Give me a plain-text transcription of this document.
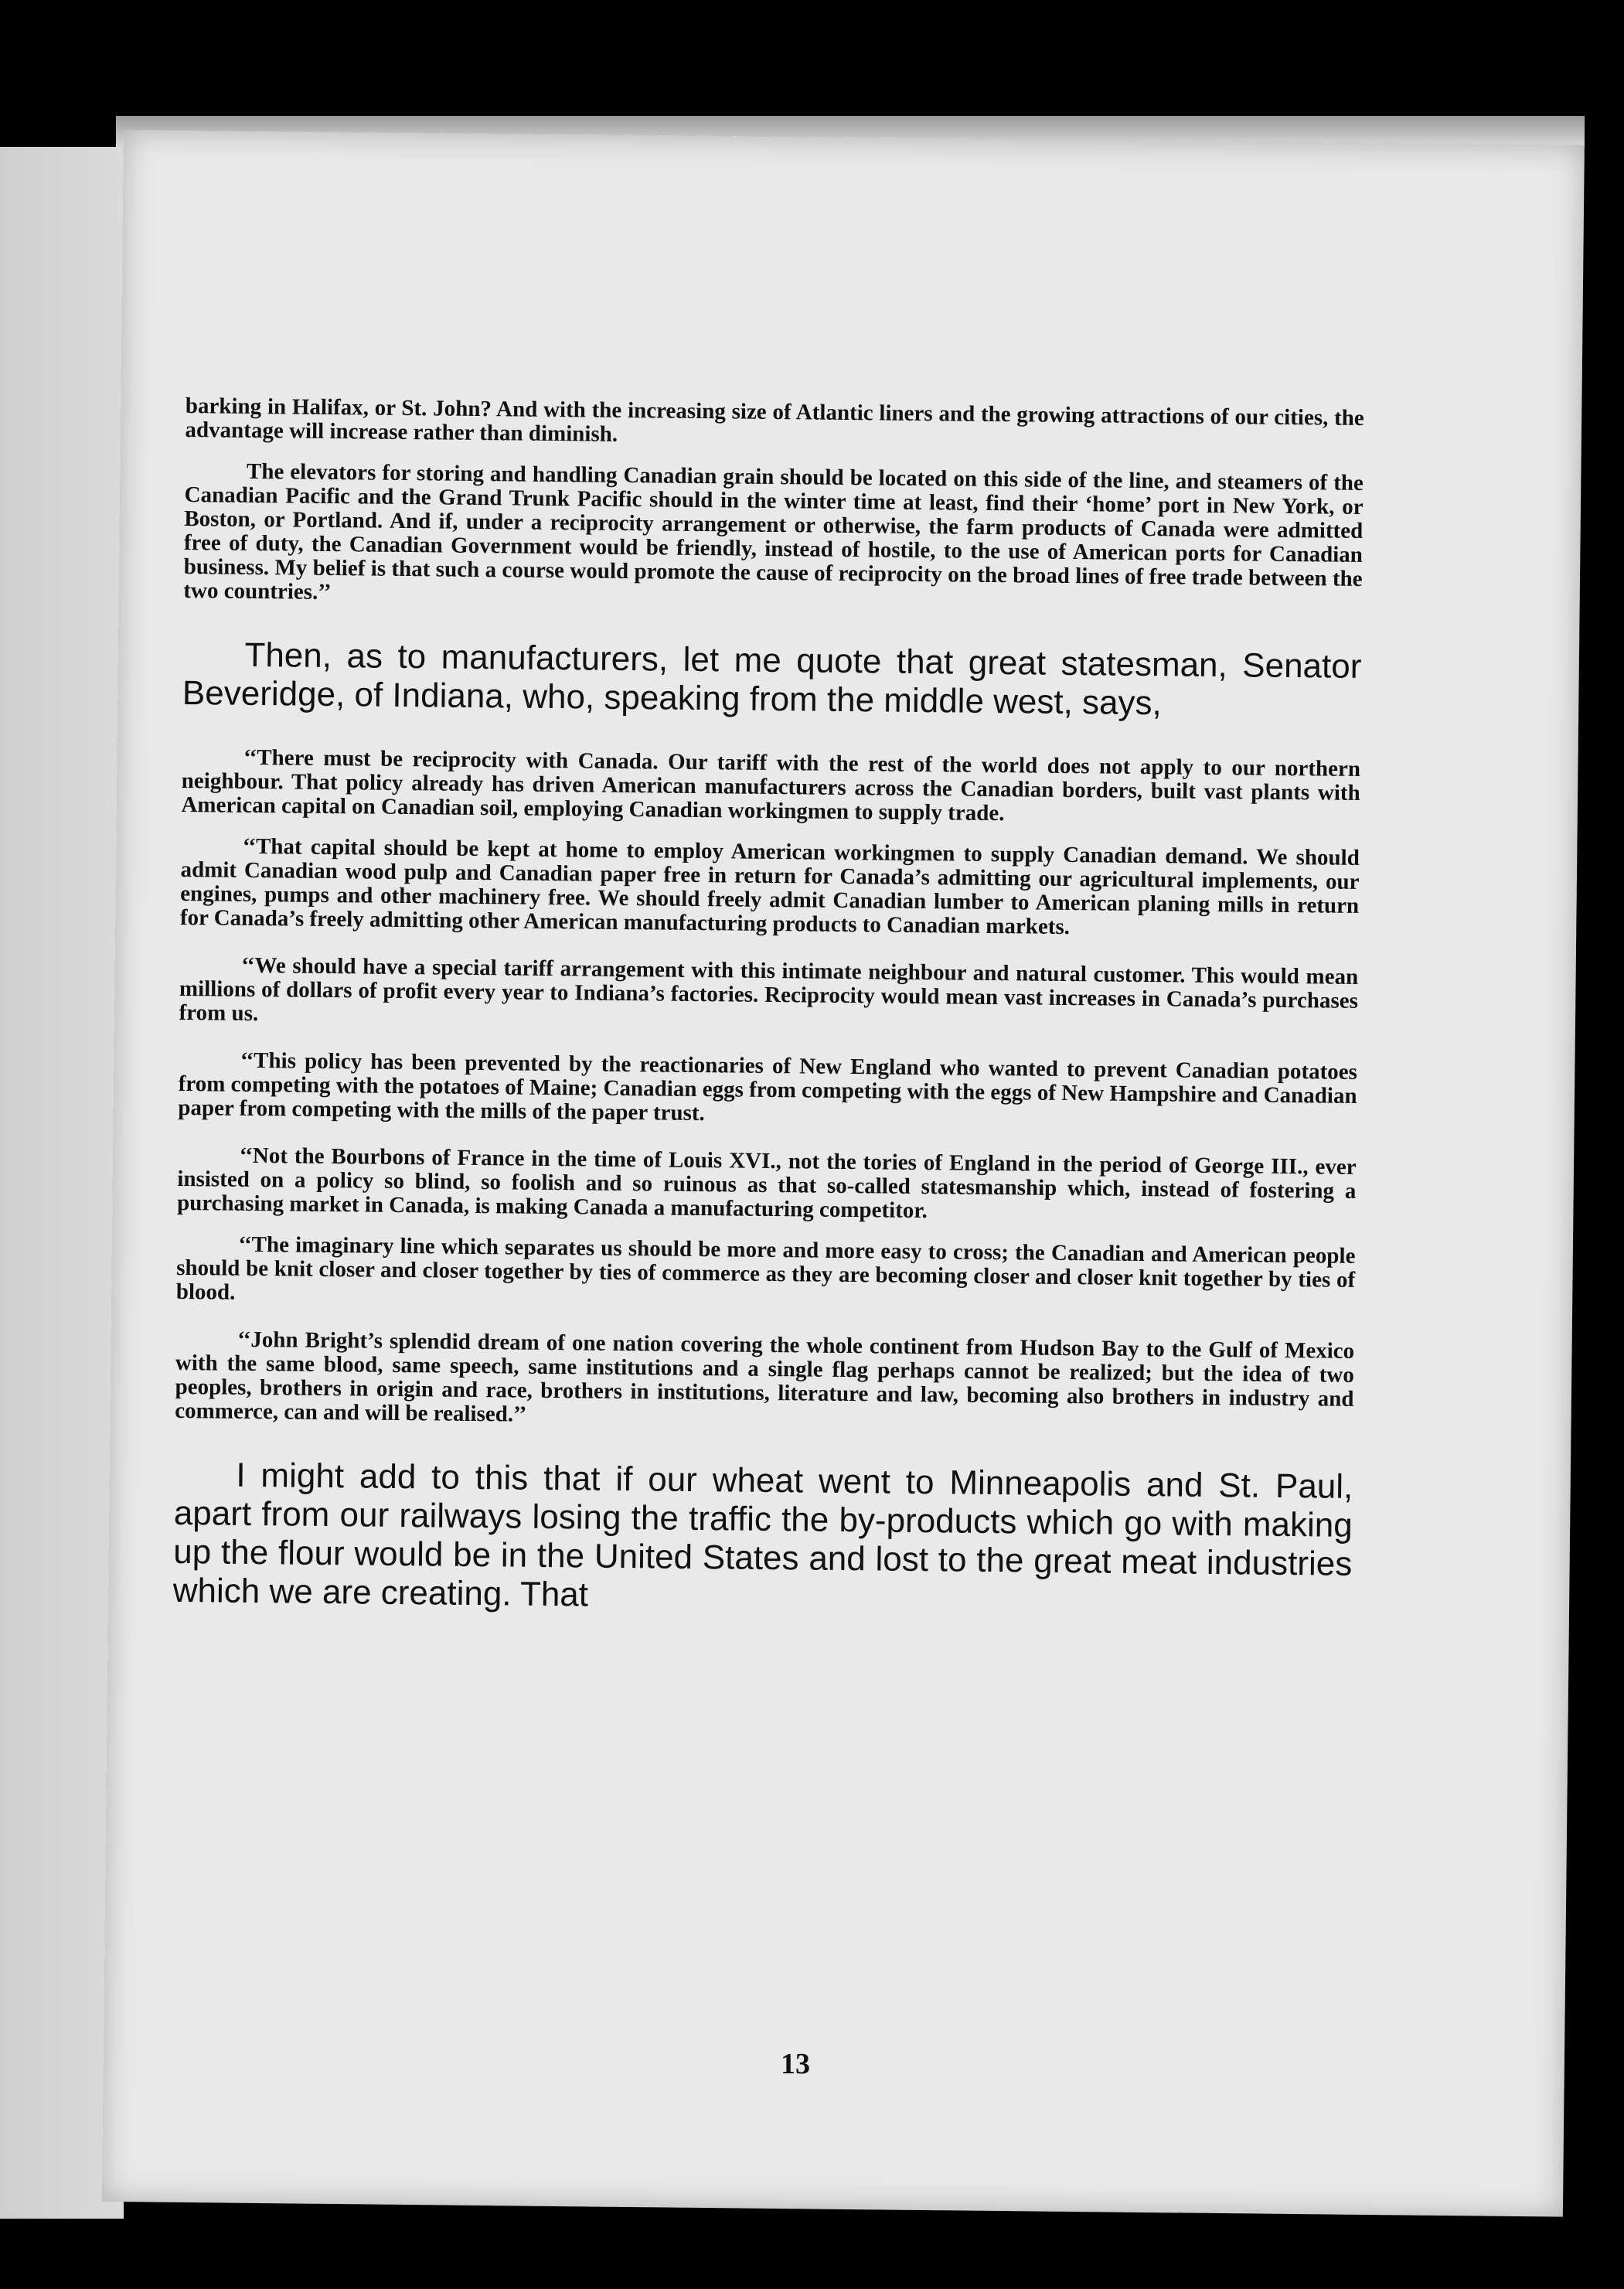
barking in Halifax, or St. John? And with the increasing size of Atlantic liners and the growing attractions of our cities, the advantage will increase rather than diminish.

The elevators for storing and handling Canadian grain should be located on this side of the line, and steamers of the Canadian Pacific and the Grand Trunk Pacific should in the winter time at least, find their ‘home’ port in New York, or Boston, or Portland. And if, under a reciprocity arrangement or otherwise, the farm products of Canada were admitted free of duty, the Canadian Government would be friendly, instead of hostile, to the use of American ports for Canadian business. My belief is that such a course would promote the cause of reciprocity on the broad lines of free trade between the two countries.’’

Then, as to manufacturers, let me quote that great statesman, Senator Beveridge, of Indiana, who, speaking from the middle west, says,

‘‘There must be reciprocity with Canada. Our tariff with the rest of the world does not apply to our northern neighbour. That policy already has driven American manufacturers across the Canadian borders, built vast plants with American capital on Canadian soil, employing Canadian workingmen to supply trade.

‘‘That capital should be kept at home to employ American workingmen to supply Canadian demand. We should admit Canadian wood pulp and Canadian paper free in return for Canada’s admitting our agricultural implements, our engines, pumps and other machinery free. We should freely admit Canadian lumber to American planing mills in return for Canada’s freely admitting other American manufacturing products to Canadian markets.

‘‘We should have a special tariff arrangement with this intimate neighbour and natural customer. This would mean millions of dollars of profit every year to Indiana’s factories. Reciprocity would mean vast increases in Canada’s purchases from us.

‘‘This policy has been prevented by the reactionaries of New England who wanted to prevent Canadian potatoes from competing with the potatoes of Maine; Canadian eggs from competing with the eggs of New Hampshire and Canadian paper from competing with the mills of the paper trust.

‘‘Not the Bourbons of France in the time of Louis XVI., not the tories of England in the period of George III., ever insisted on a policy so blind, so foolish and so ruinous as that so-called statesmanship which, instead of fostering a purchasing market in Canada, is making Canada a manufacturing competitor.

‘‘The imaginary line which separates us should be more and more easy to cross; the Canadian and American people should be knit closer and closer together by ties of commerce as they are becoming closer and closer knit together by ties of blood.

‘‘John Bright’s splendid dream of one nation covering the whole continent from Hudson Bay to the Gulf of Mexico with the same blood, same speech, same institutions and a single flag perhaps cannot be realized; but the idea of two peoples, brothers in origin and race, brothers in institutions, literature and law, becoming also brothers in industry and commerce, can and will be realised.’’

I might add to this that if our wheat went to Minneapolis and St. Paul, apart from our railways losing the traffic the by-products which go with making up the flour would be in the United States and lost to the great meat industries which we are creating. That

13
